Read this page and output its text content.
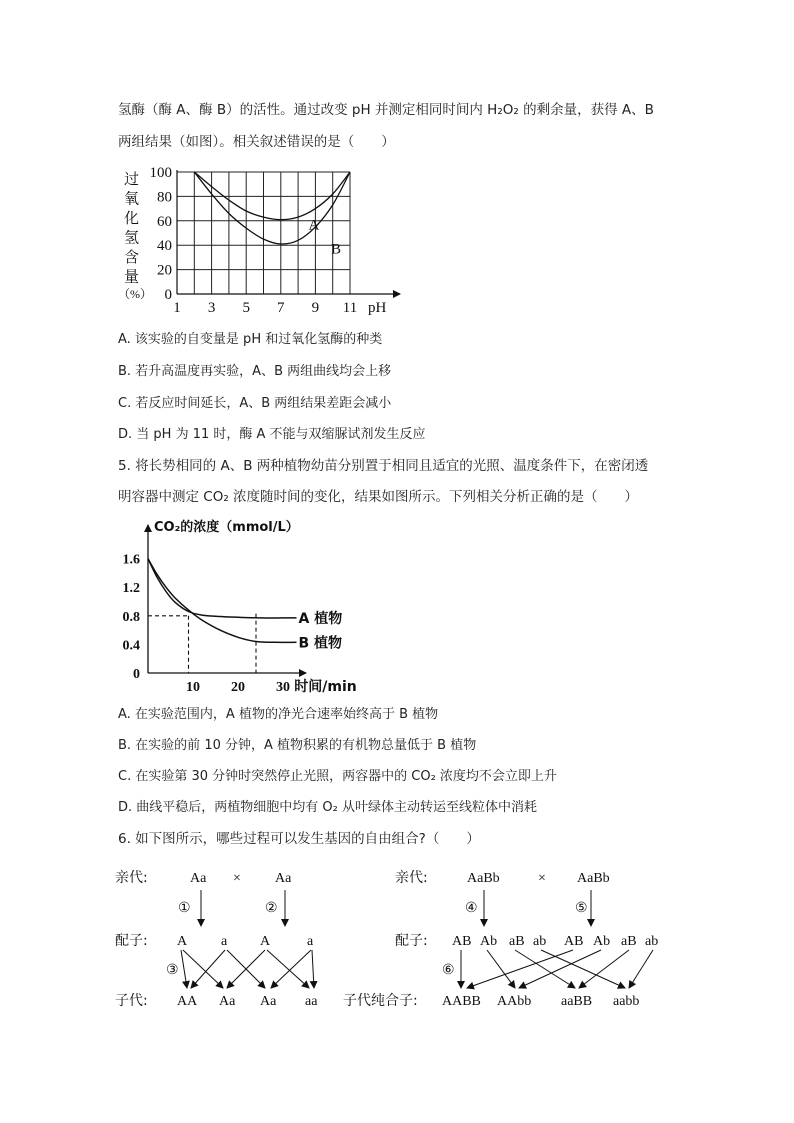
氢酶（酶 A、酶 B）的活性。通过改变 pH 并测定相同时间内 H₂O₂ 的剩余量，获得 A、B
两组结果（如图）。相关叙述错误的是（　　）
过
氧
化
氢
含
量
（%） 0
20
40
60
80
100
1 3 5 7 9 11 pH
A
B
A. 该实验的自变量是 pH 和过氧化氢酶的种类
B. 若升高温度再实验，A、B 两组曲线均会上移
C. 若反应时间延长，A、B 两组结果差距会减小
D. 当 pH 为 11 时，酶 A 不能与双缩脲试剂发生反应
5. 将长势相同的 A、B 两种植物幼苗分别置于相同且适宜的光照、温度条件下，在密闭透
明容器中测定 CO₂ 浓度随时间的变化，结果如图所示。下列相关分析正确的是（　　）
CO₂的浓度（mmol/L）
0
0.4
0.8
1.2
1.6
10 20 30 时间/min
A 植物
B 植物
A. 在实验范围内，A 植物的净光合速率始终高于 B 植物
B. 在实验的前 10 分钟，A 植物积累的有机物总量低于 B 植物
C. 在实验第 30 分钟时突然停止光照，两容器中的 CO₂ 浓度均不会立即上升
D. 曲线平稳后，两植物细胞中均有 O₂ 从叶绿体主动转运至线粒体中消耗
6. 如下图所示，哪些过程可以发生基因的自由组合?（　　）
亲代:	Aa × Aa
①	②
配子: A a A	a
③
子代: AA Aa Aa aa
亲代:	AaBb	× AaBb
④	⑤
配子: AB Ab aB ab AB Ab aB ab
⑥
子代纯合子: AABB AAbb aaBB aabb
